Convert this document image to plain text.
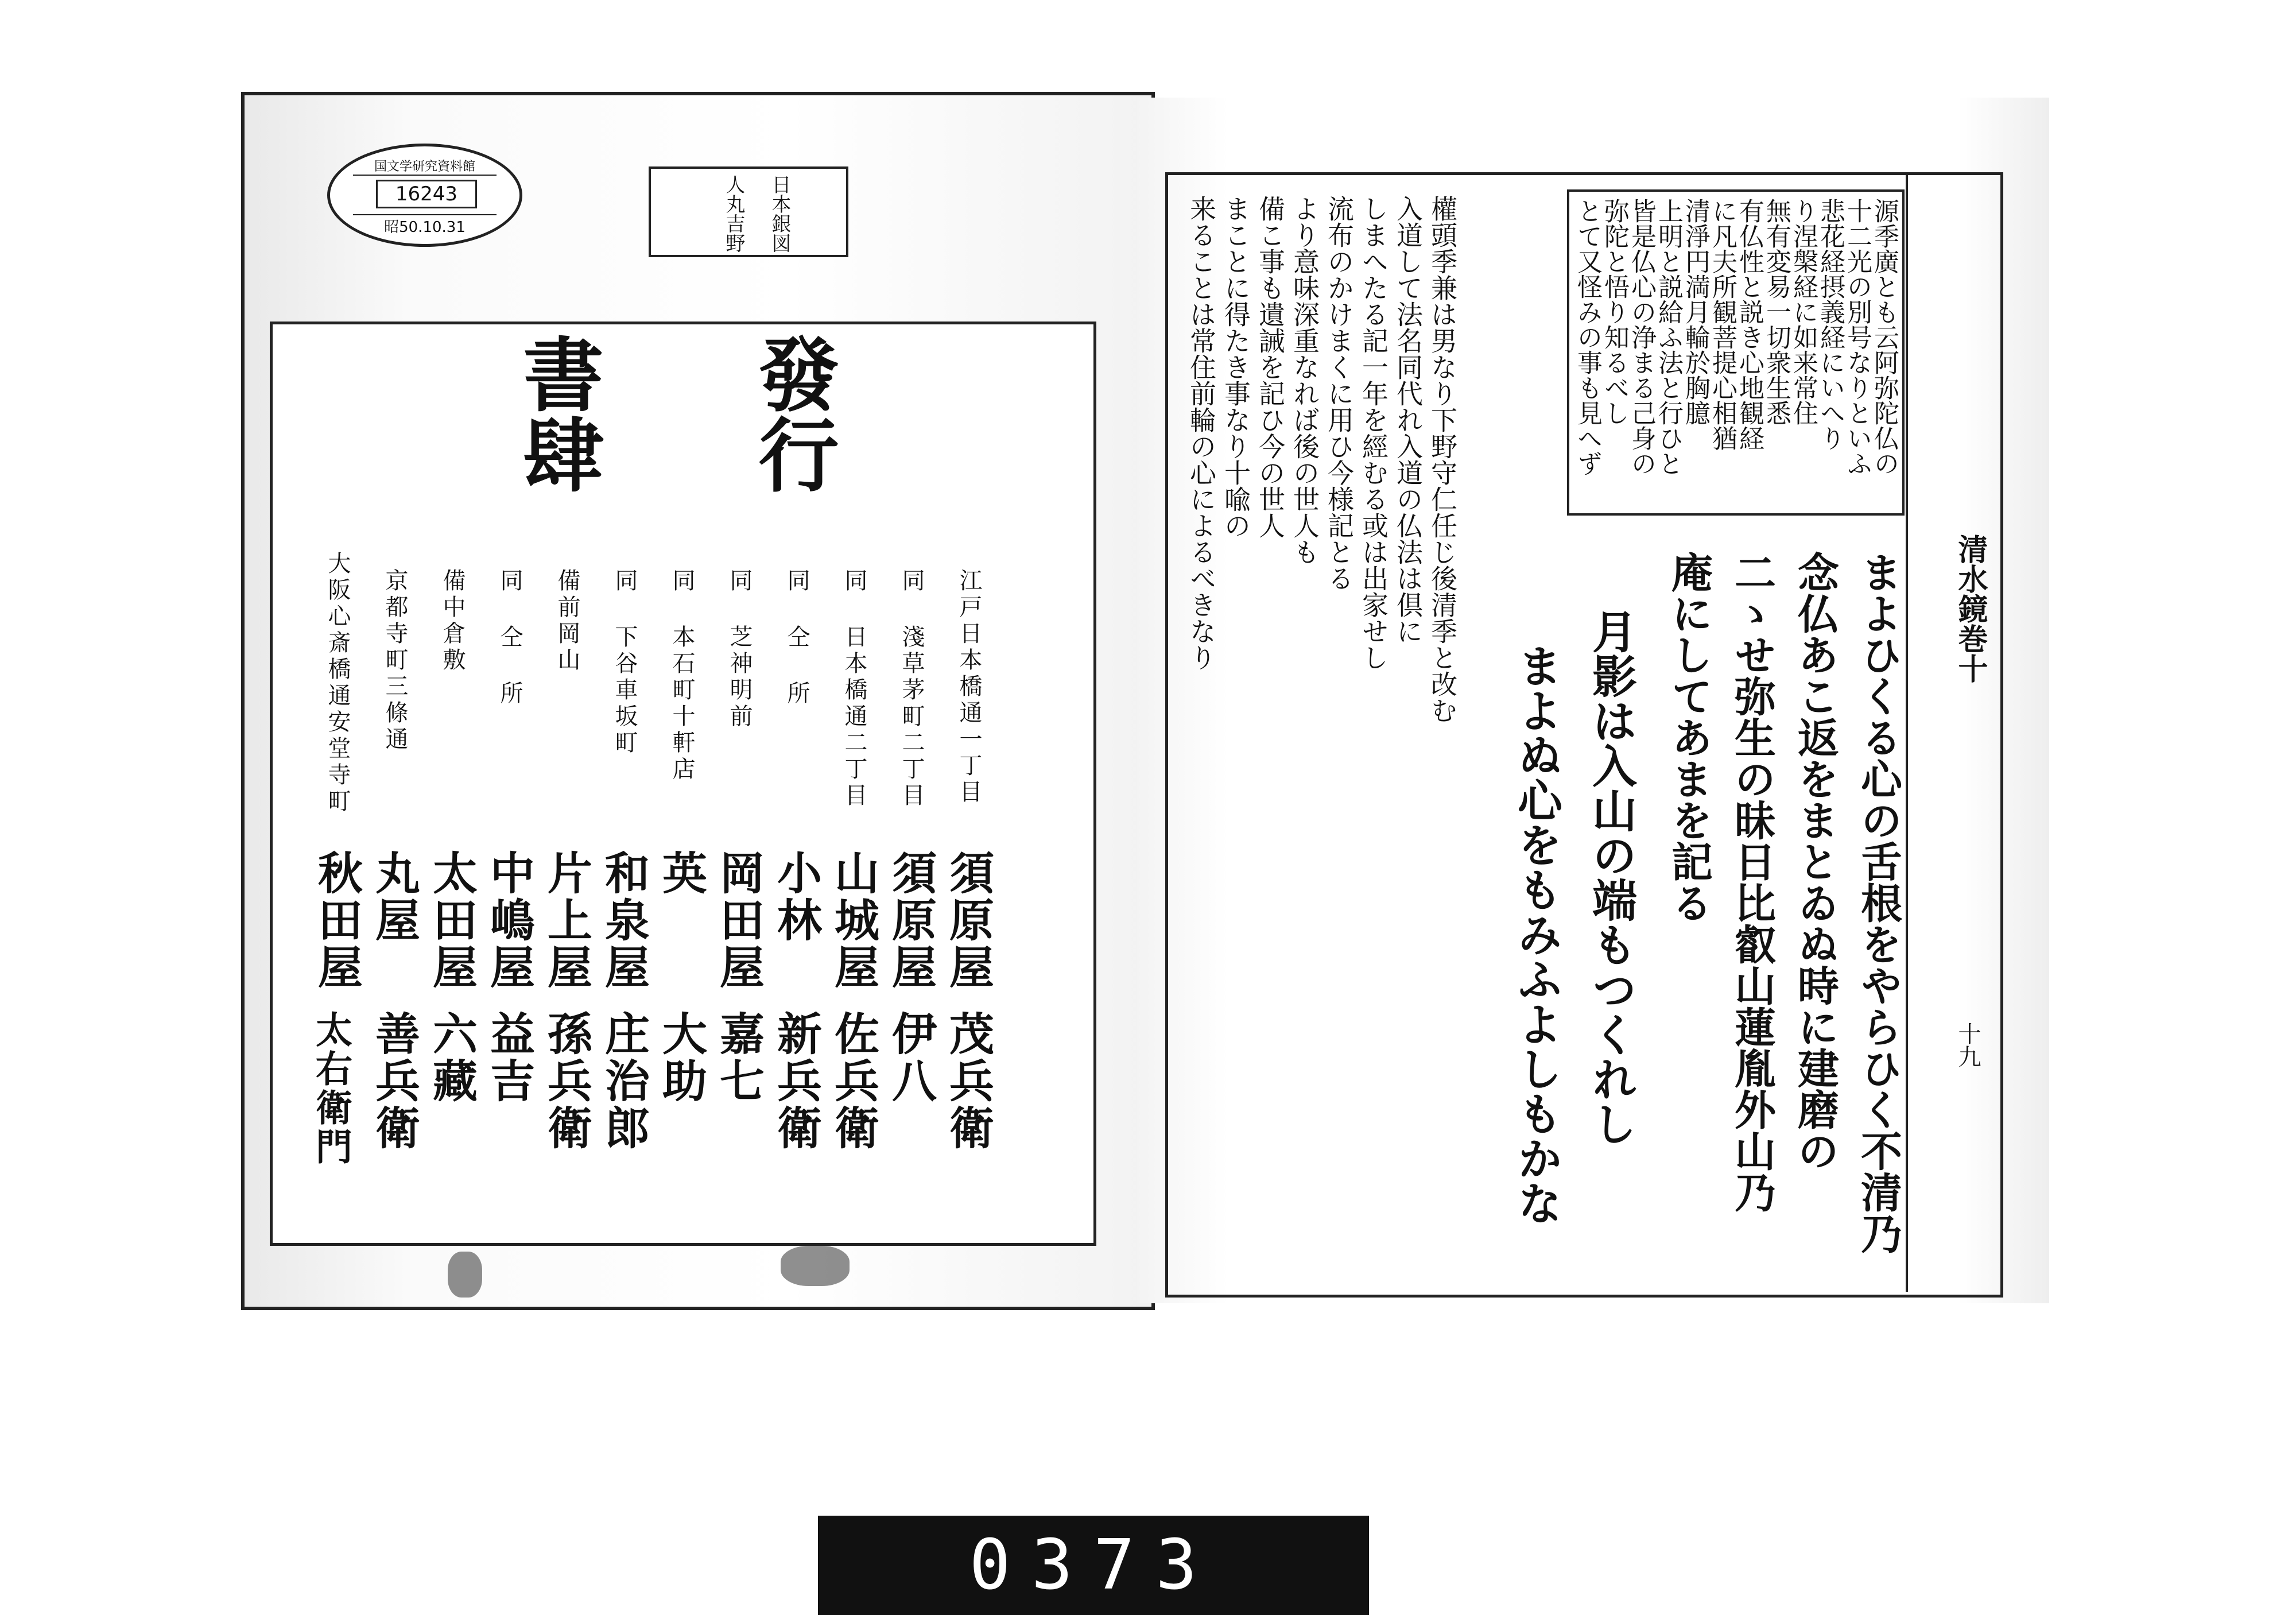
国文学研究資料館
16243
昭50.10.31	日本銀図
人丸吉野
發行
書肆
江戸日本橋通一丁目
須原屋
茂兵衛
同 淺草茅町二丁目
須原屋
伊八
同 日本橋通二丁目
山城屋
佐兵衛
同 仝 所
小林
新兵衛
同 芝神明前
岡田屋
嘉七
同 本石町十軒店
英
大助
同 下谷車坂町
和泉屋
庄治郎
備前岡山
片上屋
孫兵衛
同 仝 所
中嶋屋
益吉
備中倉敷
太田屋
六藏
京都寺町三條通
丸屋
善兵衛
大阪心斎橋通安堂寺町
秋田屋
太右衛門
清水鏡巻十
十九
源季廣とも云阿弥陀仏の
十二光の別号なりといふ
悲花経摂義経にいへり
り涅槃経に如来常住
無有変易一切衆生悉
有仏性と説き心地観経
に凡夫所観菩提心相猶
清淨円満月輪於胸臆
上明と説給ふ法と行ひと
皆是仏心の浄まる己身の
弥陀と悟り知るべし
とて又怪みの事も見へず
まよひくる心の舌根をやらひく不清乃
念仏あこ返をまとゐぬ時に建磨の
二ゝせ弥生の昧日比叡山蓮胤外山乃
庵にしてあまを記る
月影は入山の端もつくれし
まよぬ心をもみふよしもかな
權頭季兼は男なり下野守仁任じ後清季と改む
入道して法名同代れ入道の仏法は倶に
しまへたる記一年を經むる或は出家せし
流布のかけまくに用ひ今様記とる
より意味深重なれば後の世人も
備こ事も遺誡を記ひ今の世人
まことに得たき事なり十喩の
来ることは常住前輪の心によるべきなり
0373
